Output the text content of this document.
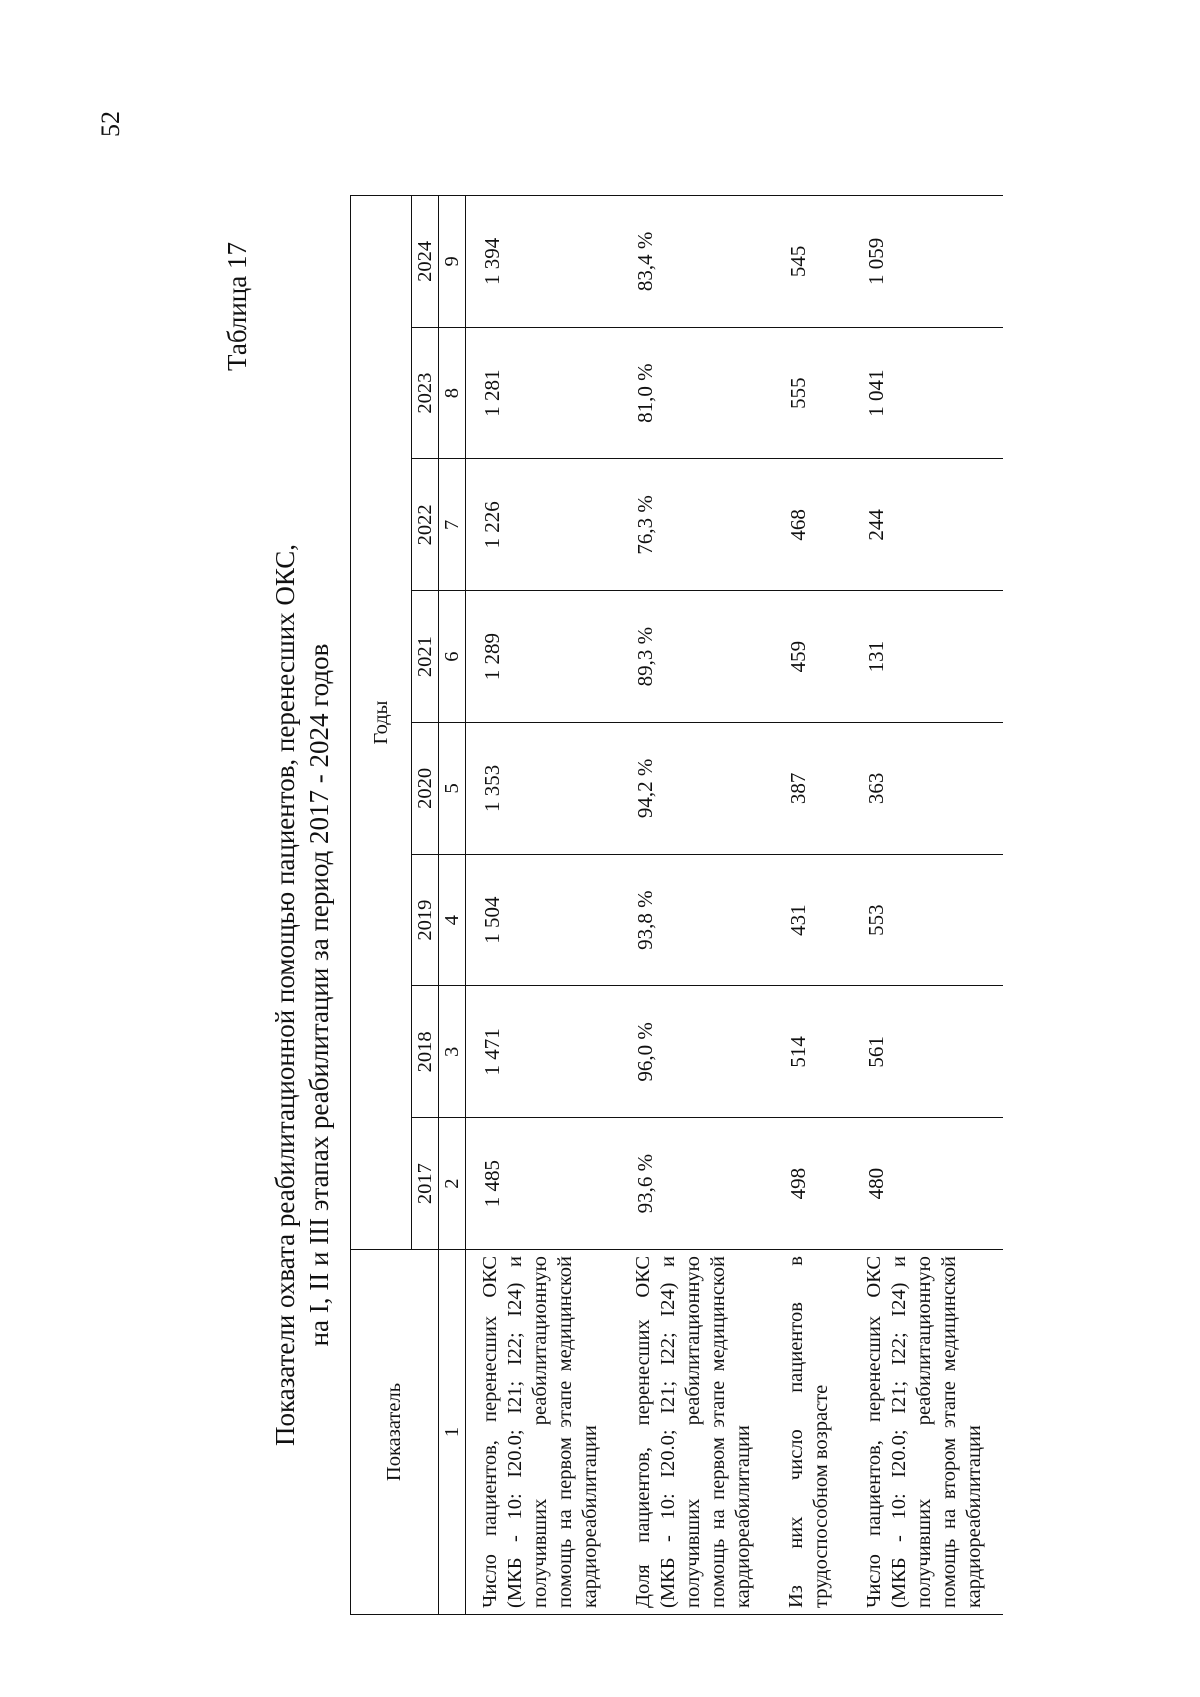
52
Таблица 17
Показатели охвата реабилитационной помощью пациентов, перенесших ОКС, на I, II и III этапах реабилитации за период 2017 - 2024 годов
Показатель	Годы							
	2017	2018	2019	2020	2021	2022	2023	2024
1	2	3	4	5	6	7	8	9
Число пациентов, перенесших ОКС (МКБ - 10: I20.0; I21; I22; I24) и получивших реабилитационную помощь на первом этапе медицинской кардиореабилитации	1 485	1 471	1 504	1 353	1 289	1 226	1 281	1 394
Доля пациентов, перенесших ОКС (МКБ - 10: I20.0; I21; I22; I24) и получивших реабилитационную помощь на первом этапе медицинской кардиореабилитации	93,6 %	96,0 %	93,8 %	94,2 %	89,3 %	76,3 %	81,0 %	83,4 %
Из них число пациентов в трудоспособном возрасте	498	514	431	387	459	468	555	545
Число пациентов, перенесших ОКС (МКБ - 10: I20.0; I21; I22; I24) и получивших реабилитационную помощь на втором этапе медицинской кардиореабилитации	480	561	553	363	131	244	1 041	1 059
